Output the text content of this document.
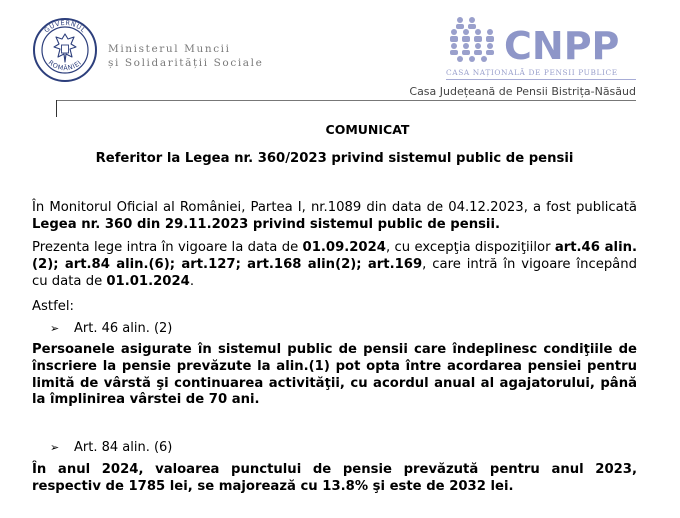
GUVERNUL
ROMÂNIEI
Ministerul Muncii
și Solidarității Sociale	CNPP
CASA NAȚIONALĂ DE PENSII PUBLICE
Casa Județeană de Pensii Bistrița-Năsăud
COMUNICAT
Referitor la Legea nr. 360/2023 privind sistemul public de pensii
În Monitorul Oficial al României, Partea I, nr.1089 din data de 04.12.2023, a fost publicată Legea nr. 360 din 29.11.2023 privind sistemul public de pensii.
Prezenta lege intra în vigoare la data de 01.09.2024, cu excepţia dispoziţiilor art.46 alin.(2); art.84 alin.(6); art.127; art.168 alin(2); art.169, care intră în vigoare începând cu data de 01.01.2024.
Astfel:
➢ Art. 46 alin. (2)
Persoanele asigurate în sistemul public de pensii care îndeplinesc condiţiile de înscriere la pensie prevăzute la alin.(1) pot opta între acordarea pensiei pentru limită de vârstă şi continuarea activităţii, cu acordul anual al agajatorului, până la împlinirea vârstei de 70 ani.
➢ Art. 84 alin. (6)
În anul 2024, valoarea punctului de pensie prevăzută pentru anul 2023, respectiv de 1785 lei, se majorează cu 13.8% şi este de 2032 lei.
